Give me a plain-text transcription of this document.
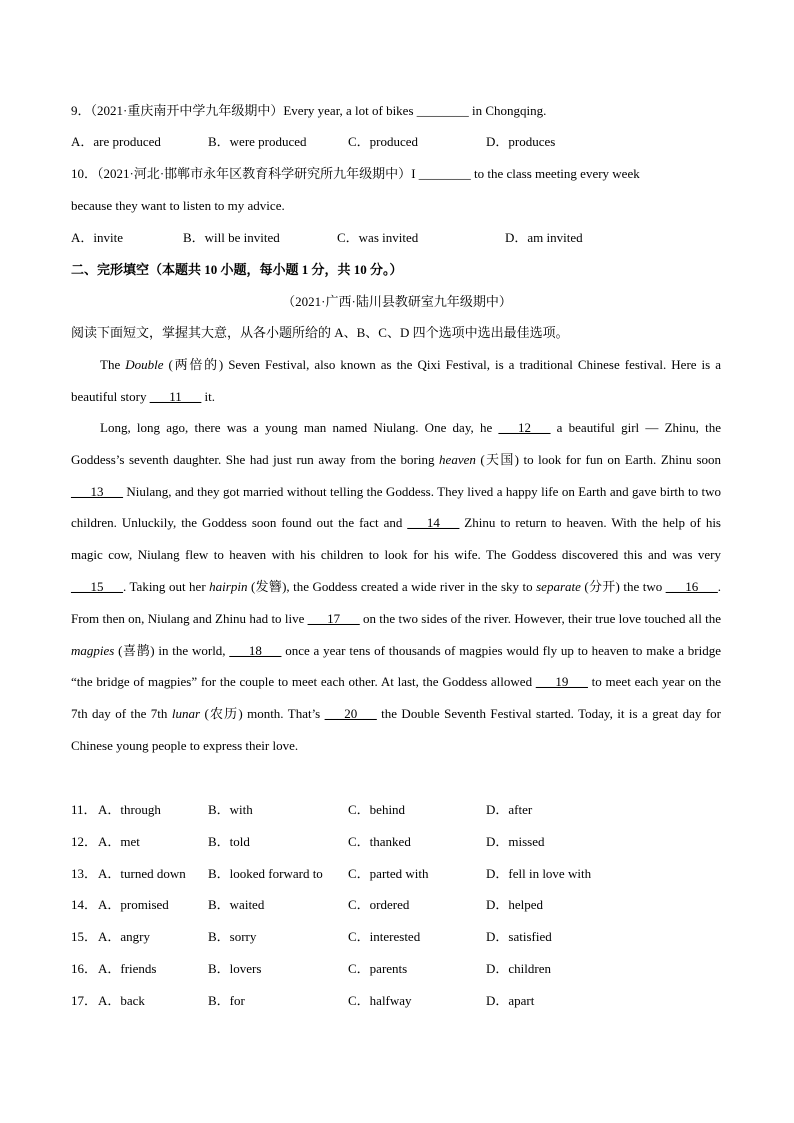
9．（2021·重庆南开中学九年级期中）Every year, a lot of bikes ________ in Chongqing.
A．are produced	B．were produced	C．produced	D．produces
10．（2021·河北·邯郸市永年区教育科学研究所九年级期中）I ________ to the class meeting every week
because they want to listen to my advice.
A．invite	B．will be invited	C．was invited	D．am invited
二、完形填空（本题共 10 小题，每小题 1 分，共 10 分。）
（2021·广西·陆川县教研室九年级期中）
阅读下面短文，掌握其大意，从各小题所给的 A、B、C、D 四个选项中选出最佳选项。
The Double (两倍的) Seven Festival, also known as the Qixi Festival, is a traditional Chinese festival. Here is a beautiful story ___11___ it.
Long, long ago, there was a young man named Niulang. One day, he ___12___ a beautiful girl — Zhinu, the Goddess’s seventh daughter. She had just run away from the boring heaven (天国) to look for fun on Earth. Zhinu soon ___13___ Niulang, and they got married without telling the Goddess. They lived a happy life on Earth and gave birth to two children. Unluckily, the Goddess soon found out the fact and ___14___ Zhinu to return to heaven. With the help of his magic cow, Niulang flew to heaven with his children to look for his wife. The Goddess discovered this and was very ___15___. Taking out her hairpin (发簪), the Goddess created a wide river in the sky to separate (分开) the two ___16___. From then on, Niulang and Zhinu had to live ___17___ on the two sides of the river. However, their true love touched all the magpies (喜鹊) in the world, ___18___ once a year tens of thousands of magpies would fly up to heaven to make a bridge “the bridge of magpies” for the couple to meet each other. At last, the Goddess allowed ___19___ to meet each year on the 7th day of the 7th lunar (农历) month. That’s ___20___ the Double Seventh Festival started. Today, it is a great day for Chinese young people to express their love.
11． A．through	B．with	C．behind	D．after
12． A．met	B．told	C．thanked	D．missed
13． A．turned down B．looked forward to C．parted with	D．fell in love with
14． A．promised	B．waited	C．ordered	D．helped
15． A．angry	B．sorry	C．interested	D．satisfied
16． A．friends	B．lovers	C．parents	D．children
17． A．back	B．for	C．halfway	D．apart
